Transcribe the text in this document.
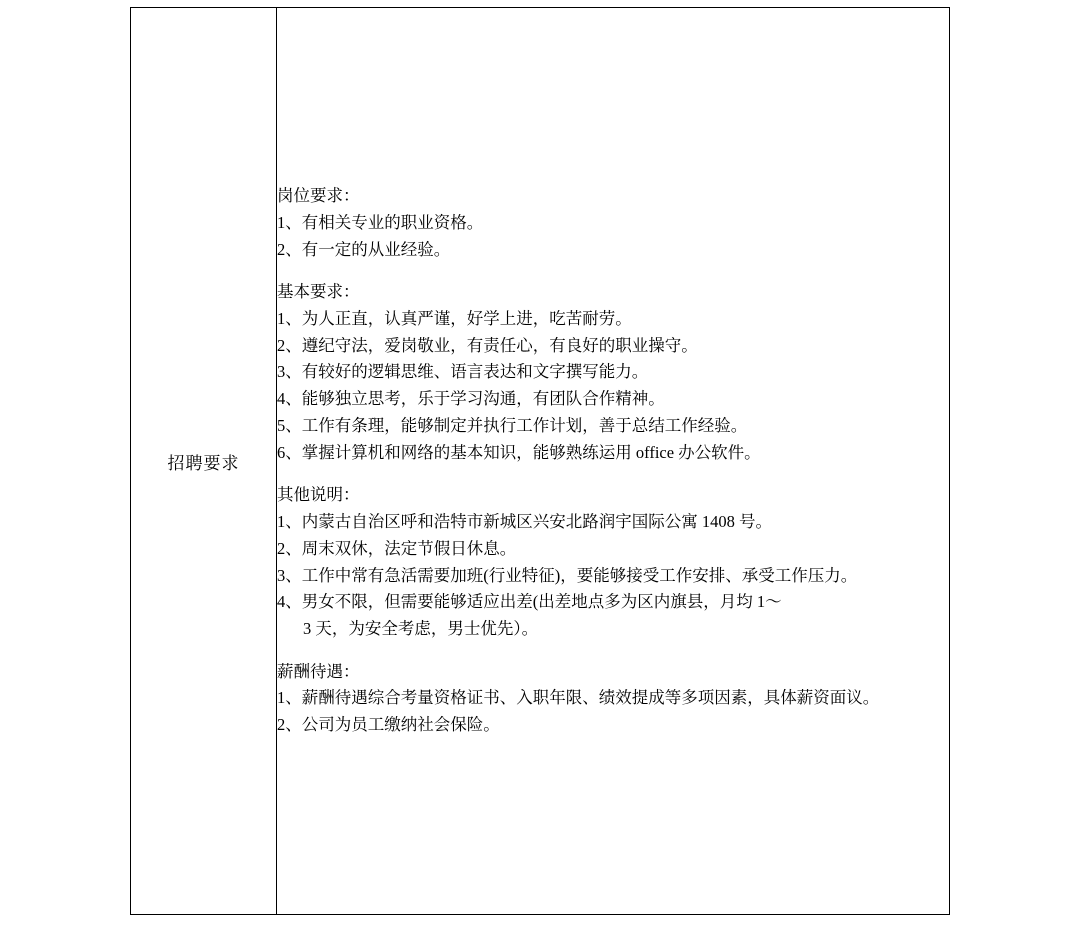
招聘要求	

岗位要求：

1、有相关专业的职业资格。

2、有一定的从业经验。

基本要求：

1、为人正直，认真严谨，好学上进，吃苦耐劳。

2、遵纪守法，爱岗敬业，有责任心，有良好的职业操守。

3、有较好的逻辑思维、语言表达和文字撰写能力。

4、能够独立思考，乐于学习沟通，有团队合作精神。

5、工作有条理，能够制定并执行工作计划，善于总结工作经验。

6、掌握计算机和网络的基本知识，能够熟练运用 office 办公软件。

其他说明：

1、内蒙古自治区呼和浩特市新城区兴安北路润宇国际公寓 1408 号。

2、周末双休，法定节假日休息。

3、工作中常有急活需要加班(行业特征)，要能够接受工作安排、承受工作压力。

4、男女不限，但需要能够适应出差(出差地点多为区内旗县，月均 1～

3 天，为安全考虑，男士优先）。

薪酬待遇：

1、薪酬待遇综合考量资格证书、入职年限、绩效提成等多项因素，具体薪资面议。

2、公司为员工缴纳社会保险。
